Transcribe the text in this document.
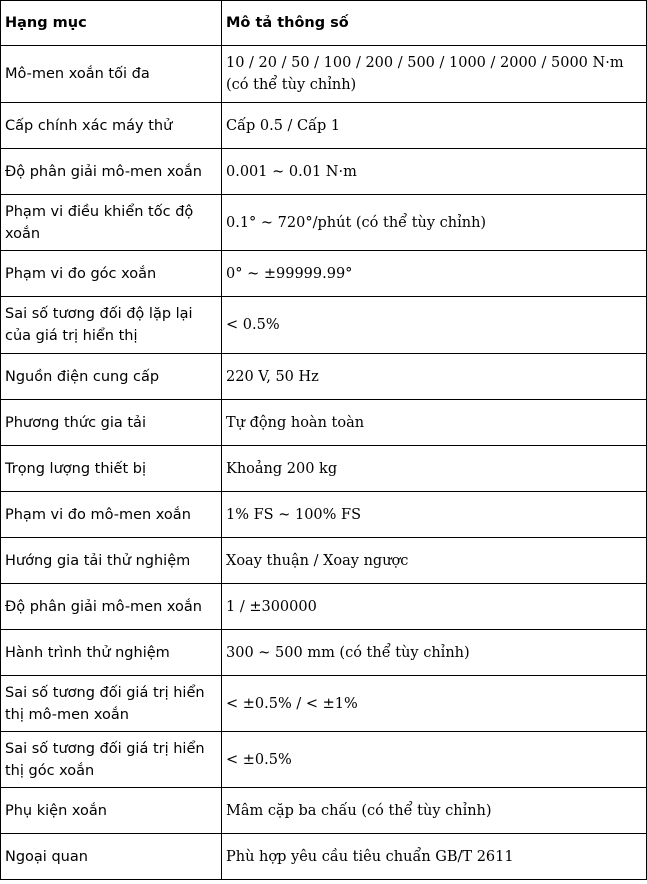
Hạng mục	Mô tả thông số
Mô-men xoắn tối đa	10 / 20 / 50 / 100 / 200 / 500 / 1000 / 2000 / 5000 N·m (có thể tùy chỉnh)
Cấp chính xác máy thử	Cấp 0.5 / Cấp 1
Độ phân giải mô-men xoắn	0.001 ~ 0.01 N·m
Phạm vi điều khiển tốc độ xoắn	0.1° ~ 720°/phút (có thể tùy chỉnh)
Phạm vi đo góc xoắn	0° ~ ±99999.99°
Sai số tương đối độ lặp lại của giá trị hiển thị	< 0.5%
Nguồn điện cung cấp	220 V, 50 Hz
Phương thức gia tải	Tự động hoàn toàn
Trọng lượng thiết bị	Khoảng 200 kg
Phạm vi đo mô-men xoắn	1% FS ~ 100% FS
Hướng gia tải thử nghiệm	Xoay thuận / Xoay ngược
Độ phân giải mô-men xoắn	1 / ±300000
Hành trình thử nghiệm	300 ~ 500 mm (có thể tùy chỉnh)
Sai số tương đối giá trị hiển thị mô-men xoắn	< ±0.5% / < ±1%
Sai số tương đối giá trị hiển thị góc xoắn	< ±0.5%
Phụ kiện xoắn	Mâm cặp ba chấu (có thể tùy chỉnh)
Ngoại quan	Phù hợp yêu cầu tiêu chuẩn GB/T 2611
